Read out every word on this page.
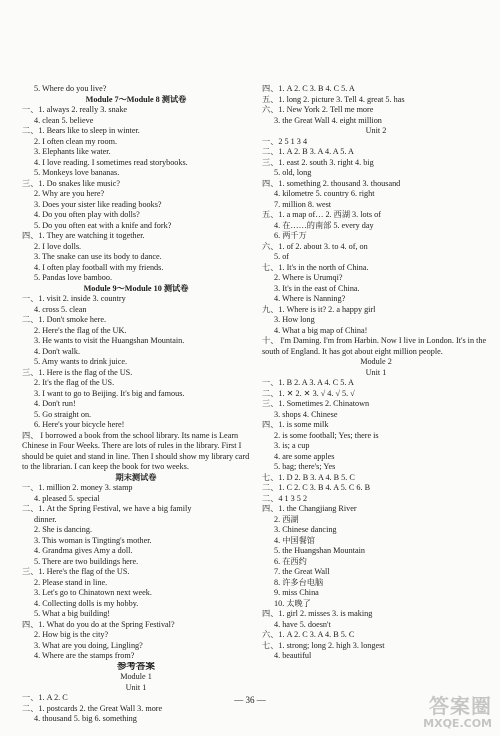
5. Where do you live?
Module 7～Module 8 测试卷
一、1. always 2. really 3. snake
4. clean 5. believe
二、1. Bears like to sleep in winter.
2. I often clean my room.
3. Elephants like water.
4. I love reading. I sometimes read storybooks.
5. Monkeys love bananas.
三、1. Do snakes like music?
2. Why are you here?
3. Does your sister like reading books?
4. Do you often play with dolls?
5. Do you often eat with a knife and fork?
四、1. They are watching it together.
2. I love dolls.
3. The snake can use its body to dance.
4. I often play football with my friends.
5. Pandas love bamboo.
Module 9～Module 10 测试卷
一、1. visit 2. inside 3. country
4. cross 5. clean
二、1. Don't smoke here.
2. Here's the flag of the UK.
3. He wants to visit the Huangshan Mountain.
4. Don't walk.
5. Amy wants to drink juice.
三、1. Here is the flag of the US.
2. It's the flag of the US.
3. I want to go to Beijing. It's big and famous.
4. Don't run!
5. Go straight on.
6. Here's your bicycle here!
四、 I borrowed a book from the school library. Its name is Learn Chinese in Four Weeks. There are lots of rules in the library. First I should be quiet and stand in line. Then I should show my library card to the librarian. I can keep the book for two weeks.
期末测试卷
一、1. million 2. money 3. stamp
4. pleased 5. special
二、1. At the Spring Festival, we have a big family
dinner.
2. She is dancing.
3. This woman is Tingting's mother.
4. Grandma gives Amy a doll.
5. There are two buildings here.
三、1. Here's the flag of the US.
2. Please stand in line.
3. Let's go to Chinatown next week.
4. Collecting dolls is my hobby.
5. What a big building!
四、1. What do you do at the Spring Festival?
2. How big is the city?
3. What are you doing, Lingling?
4. Where are the stamps from?
参考答案
Module 1
Unit 1
一、1. A 2. C
二、1. postcards 2. the Great Wall 3. more
4. thousand 5. big 6. something
四、1. A 2. C 3. B 4. C 5. A
五、1. long 2. picture 3. Tell 4. great 5. has
六、1. New York 2. Tell me more
3. the Great Wall 4. eight million
Unit 2
一、2 5 1 3 4
二、1. A 2. B 3. A 4. A 5. A
三、1. east 2. south 3. right 4. big
5. old, long
四、1. something 2. thousand 3. thousand
4. kilometre 5. country 6. right
7. million 8. west
五、1. a map of… 2. 西湖 3. lots of
4. 在……的南部 5. every day
6. 两千万
六、1. of 2. about 3. to 4. of, on
5. of
七、1. It's in the north of China.
2. Where is Urumqi?
3. It's in the east of China.
4. Where is Nanning?
九、1. Where is it? 2. a happy girl
3. How long
4. What a big map of China!
十、 I'm Daming. I'm from Harbin. Now I live in London. It's in the south of England. It has got about eight million people.
Module 2
Unit 1
一、1. B 2. A 3. A 4. C 5. A
二、1. ✕ 2. ✕ 3. √ 4. √ 5. √
三、1. Sometimes 2. Chinatown
3. shops 4. Chinese
四、1. is some milk
2. is some football; Yes; there is
3. is; a cup
4. are some apples
5. bag; there's; Yes
七、1. D 2. B 3. A 4. B 5. C
二、1. C 2. C 3. B 4. A 5. C 6. B
二、4 1 3 5 2
四、1. the Changjiang River
2. 西湖
3. Chinese dancing
4. 中国餐馆
5. the Huangshan Mountain
6. 在西约
7. the Great Wall
8. 许多台电脑
9. miss China
10. 太晚了
四、1. girl 2. misses 3. is making
4. have 5. doesn't
六、1. A 2. C 3. A 4. B 5. C
七、1. strong; long 2. high 3. longest
4. beautiful
— 36 —	答案圈
MXQE.COM
